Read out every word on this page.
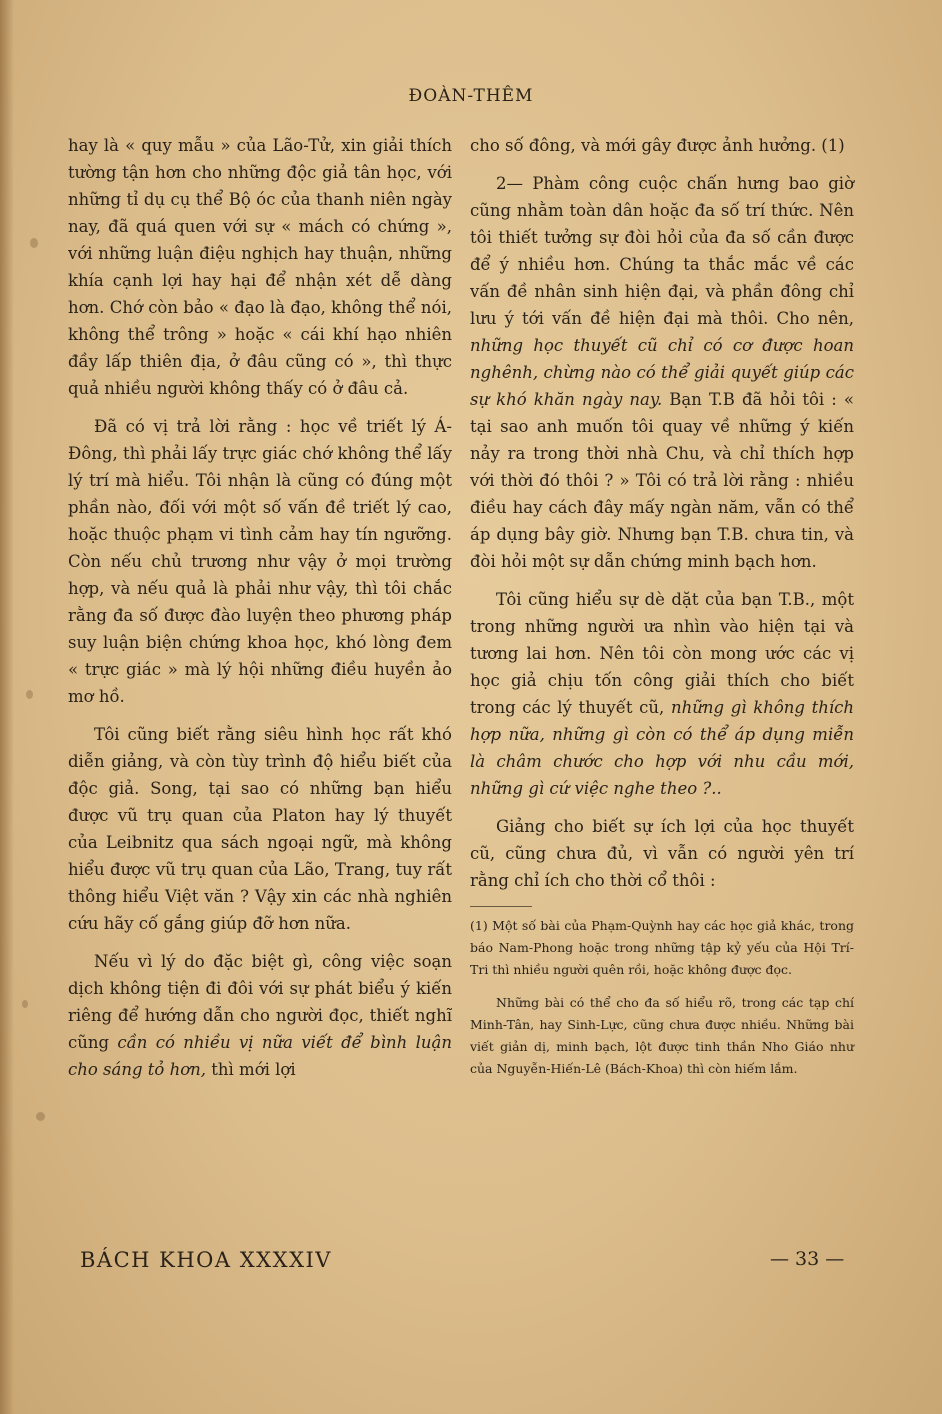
ĐOÀN-THÊM

hay là « quy mẫu » của Lão-Tử, xin giải thích tường tận hơn cho những độc giả tân học, với những tỉ dụ cụ thể Bộ óc của thanh niên ngày nay, đã quá quen với sự « mách có chứng », với những luận điệu nghịch hay thuận, những khía cạnh lợi hay hại để nhận xét dễ dàng hơn. Chớ còn bảo « đạo là đạo, không thể nói, không thể trông » hoặc « cái khí hạo nhiên đầy lấp thiên địa, ở đâu cũng có », thì thực quả nhiều người không thấy có ở đâu cả.

Đã có vị trả lời rằng : học về triết lý Á-Đông, thì phải lấy trực giác chớ không thể lấy lý trí mà hiểu. Tôi nhận là cũng có đúng một phần nào, đối với một số vấn đề triết lý cao, hoặc thuộc phạm vi tình cảm hay tín ngưỡng. Còn nếu chủ trương như vậy ở mọi trường hợp, và nếu quả là phải như vậy, thì tôi chắc rằng đa số được đào luyện theo phương pháp suy luận biện chứng khoa học, khó lòng đem « trực giác » mà lý hội những điều huyền ảo mơ hồ.

Tôi cũng biết rằng siêu hình học rất khó diễn giảng, và còn tùy trình độ hiểu biết của độc giả. Song, tại sao có những bạn hiểu được vũ trụ quan của Platon hay lý thuyết của Leibnitz qua sách ngoại ngữ, mà không hiểu được vũ trụ quan của Lão, Trang, tuy rất thông hiểu Việt văn ? Vậy xin các nhà nghiên cứu hãy cố gắng giúp đỡ hơn nữa.

Nếu vì lý do đặc biệt gì, công việc soạn dịch không tiện đi đôi với sự phát biểu ý kiến riêng để hướng dẫn cho người đọc, thiết nghĩ cũng cần có nhiều vị nữa viết để bình luận cho sáng tỏ hơn, thì mới lợi

cho số đông, và mới gây được ảnh hưởng. (1)

2— Phàm công cuộc chấn hưng bao giờ cũng nhằm toàn dân hoặc đa số trí thức. Nên tôi thiết tưởng sự đòi hỏi của đa số cần được để ý nhiều hơn. Chúng ta thắc mắc về các vấn đề nhân sinh hiện đại, và phần đông chỉ lưu ý tới vấn đề hiện đại mà thôi. Cho nên, những học thuyết cũ chỉ có cơ được hoan nghênh, chừng nào có thể giải quyết giúp các sự khó khăn ngày nay. Bạn T.B đã hỏi tôi : « tại sao anh muốn tôi quay về những ý kiến nảy ra trong thời nhà Chu, và chỉ thích hợp với thời đó thôi ? » Tôi có trả lời rằng : nhiều điều hay cách đây mấy ngàn năm, vẫn có thể áp dụng bây giờ. Nhưng bạn T.B. chưa tin, và đòi hỏi một sự dẫn chứng minh bạch hơn.

Tôi cũng hiểu sự dè dặt của bạn T.B., một trong những người ưa nhìn vào hiện tại và tương lai hơn. Nên tôi còn mong ước các vị học giả chịu tốn công giải thích cho biết trong các lý thuyết cũ, những gì không thích hợp nữa, những gì còn có thể áp dụng miễn là châm chước cho hợp với nhu cầu mới, những gì cứ việc nghe theo ?..

Giảng cho biết sự ích lợi của học thuyết cũ, cũng chưa đủ, vì vẫn có người yên trí rằng chỉ ích cho thời cổ thôi :

(1) Một số bài của Phạm-Quỳnh hay các học giả khác, trong báo Nam-Phong hoặc trong những tập kỷ yếu của Hội Trí-Tri thì nhiều người quên rồi, hoặc không được đọc.

Những bài có thể cho đa số hiểu rõ, trong các tạp chí Minh-Tân, hay Sinh-Lực, cũng chưa được nhiều. Những bài viết giản dị, minh bạch, lột được tinh thần Nho Giáo như của Nguyễn-Hiến-Lê (Bách-Khoa) thì còn hiếm lắm.

BÁCH KHOA XXXXIV	— 33 —
